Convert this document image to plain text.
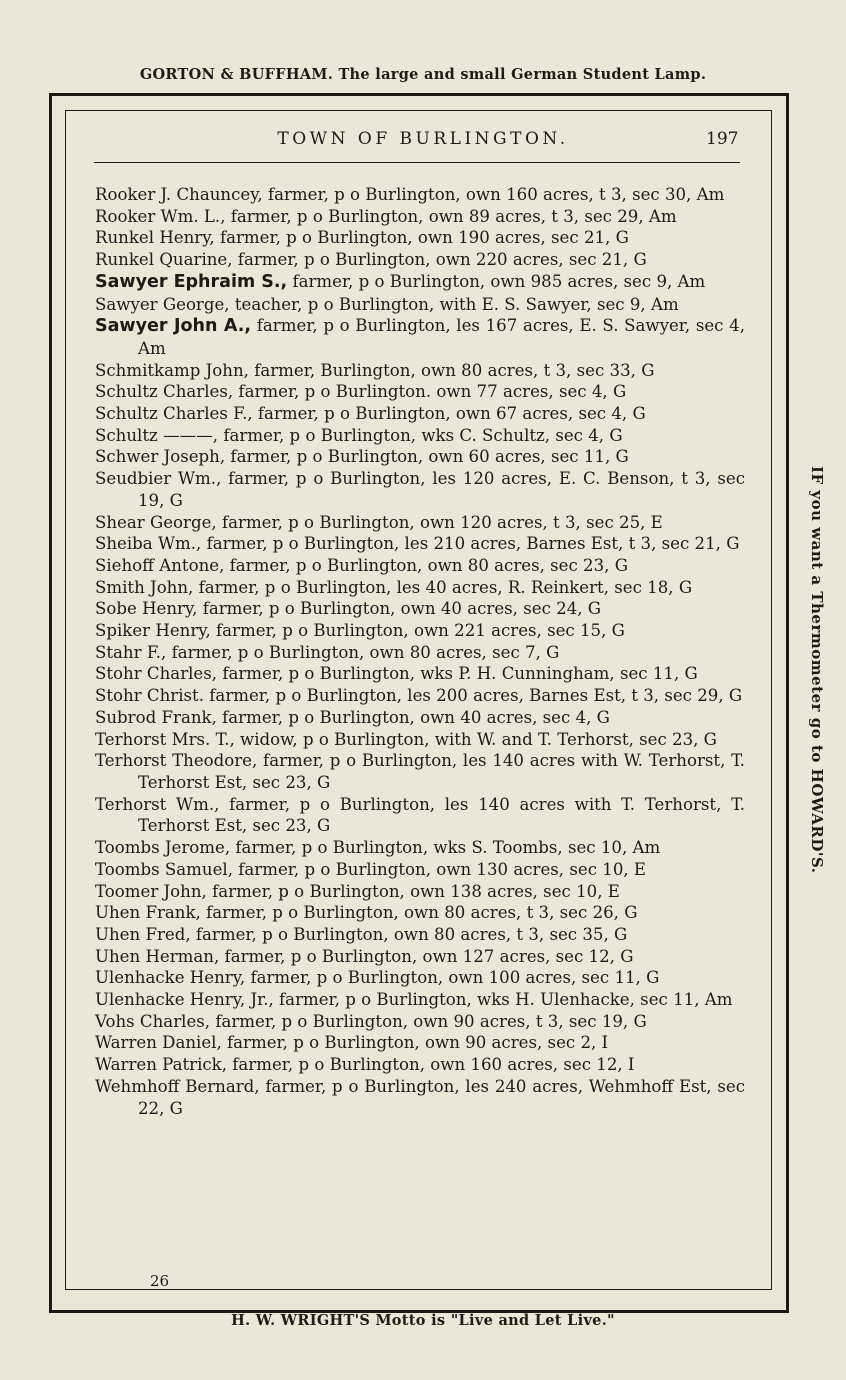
GORTON & BUFFHAM. The large and small German Student Lamp.
TOWN OF BURLINGTON.	197

Rooker J. Chauncey, farmer, p o Burlington, own 160 acres, t 3, sec 30, Am

Rooker Wm. L., farmer, p o Burlington, own 89 acres, t 3, sec 29, Am

Runkel Henry, farmer, p o Burlington, own 190 acres, sec 21, G

Runkel Quarine, farmer, p o Burlington, own 220 acres, sec 21, G

Sawyer Ephraim S., farmer, p o Burlington, own 985 acres, sec 9, Am

Sawyer George, teacher, p o Burlington, with E. S. Sawyer, sec 9, Am

Sawyer John A., farmer, p o Burlington, les 167 acres, E. S. Sawyer, sec 4, Am

Schmitkamp John, farmer, Burlington, own 80 acres, t 3, sec 33, G

Schultz Charles, farmer, p o Burlington. own 77 acres, sec 4, G

Schultz Charles F., farmer, p o Burlington, own 67 acres, sec 4, G

Schultz ———, farmer, p o Burlington, wks C. Schultz, sec 4, G

Schwer Joseph, farmer, p o Burlington, own 60 acres, sec 11, G

Seudbier Wm., farmer, p o Burlington, les 120 acres, E. C. Benson, t 3, sec 19, G

Shear George, farmer, p o Burlington, own 120 acres, t 3, sec 25, E

Sheiba Wm., farmer, p o Burlington, les 210 acres, Barnes Est, t 3, sec 21, G

Siehoff Antone, farmer, p o Burlington, own 80 acres, sec 23, G

Smith John, farmer, p o Burlington, les 40 acres, R. Reinkert, sec 18, G

Sobe Henry, farmer, p o Burlington, own 40 acres, sec 24, G

Spiker Henry, farmer, p o Burlington, own 221 acres, sec 15, G

Stahr F., farmer, p o Burlington, own 80 acres, sec 7, G

Stohr Charles, farmer, p o Burlington, wks P. H. Cunningham, sec 11, G

Stohr Christ. farmer, p o Burlington, les 200 acres, Barnes Est, t 3, sec 29, G

Subrod Frank, farmer, p o Burlington, own 40 acres, sec 4, G

Terhorst Mrs. T., widow, p o Burlington, with W. and T. Terhorst, sec 23, G

Terhorst Theodore, farmer, p o Burlington, les 140 acres with W. Terhorst, T. Terhorst Est, sec 23, G

Terhorst Wm., farmer, p o Burlington, les 140 acres with T. Terhorst, T. Terhorst Est, sec 23, G

Toombs Jerome, farmer, p o Burlington, wks S. Toombs, sec 10, Am

Toombs Samuel, farmer, p o Burlington, own 130 acres, sec 10, E

Toomer John, farmer, p o Burlington, own 138 acres, sec 10, E

Uhen Frank, farmer, p o Burlington, own 80 acres, t 3, sec 26, G

Uhen Fred, farmer, p o Burlington, own 80 acres, t 3, sec 35, G

Uhen Herman, farmer, p o Burlington, own 127 acres, sec 12, G

Ulenhacke Henry, farmer, p o Burlington, own 100 acres, sec 11, G

Ulenhacke Henry, Jr., farmer, p o Burlington, wks H. Ulenhacke, sec 11, Am

Vohs Charles, farmer, p o Burlington, own 90 acres, t 3, sec 19, G

Warren Daniel, farmer, p o Burlington, own 90 acres, sec 2, I

Warren Patrick, farmer, p o Burlington, own 160 acres, sec 12, I

Wehmhoff Bernard, farmer, p o Burlington, les 240 acres, Wehmhoff Est, sec 22, G

26
IF you want a Thermometer go to HOWARD'S.
H. W. WRIGHT'S Motto is "Live and Let Live."
